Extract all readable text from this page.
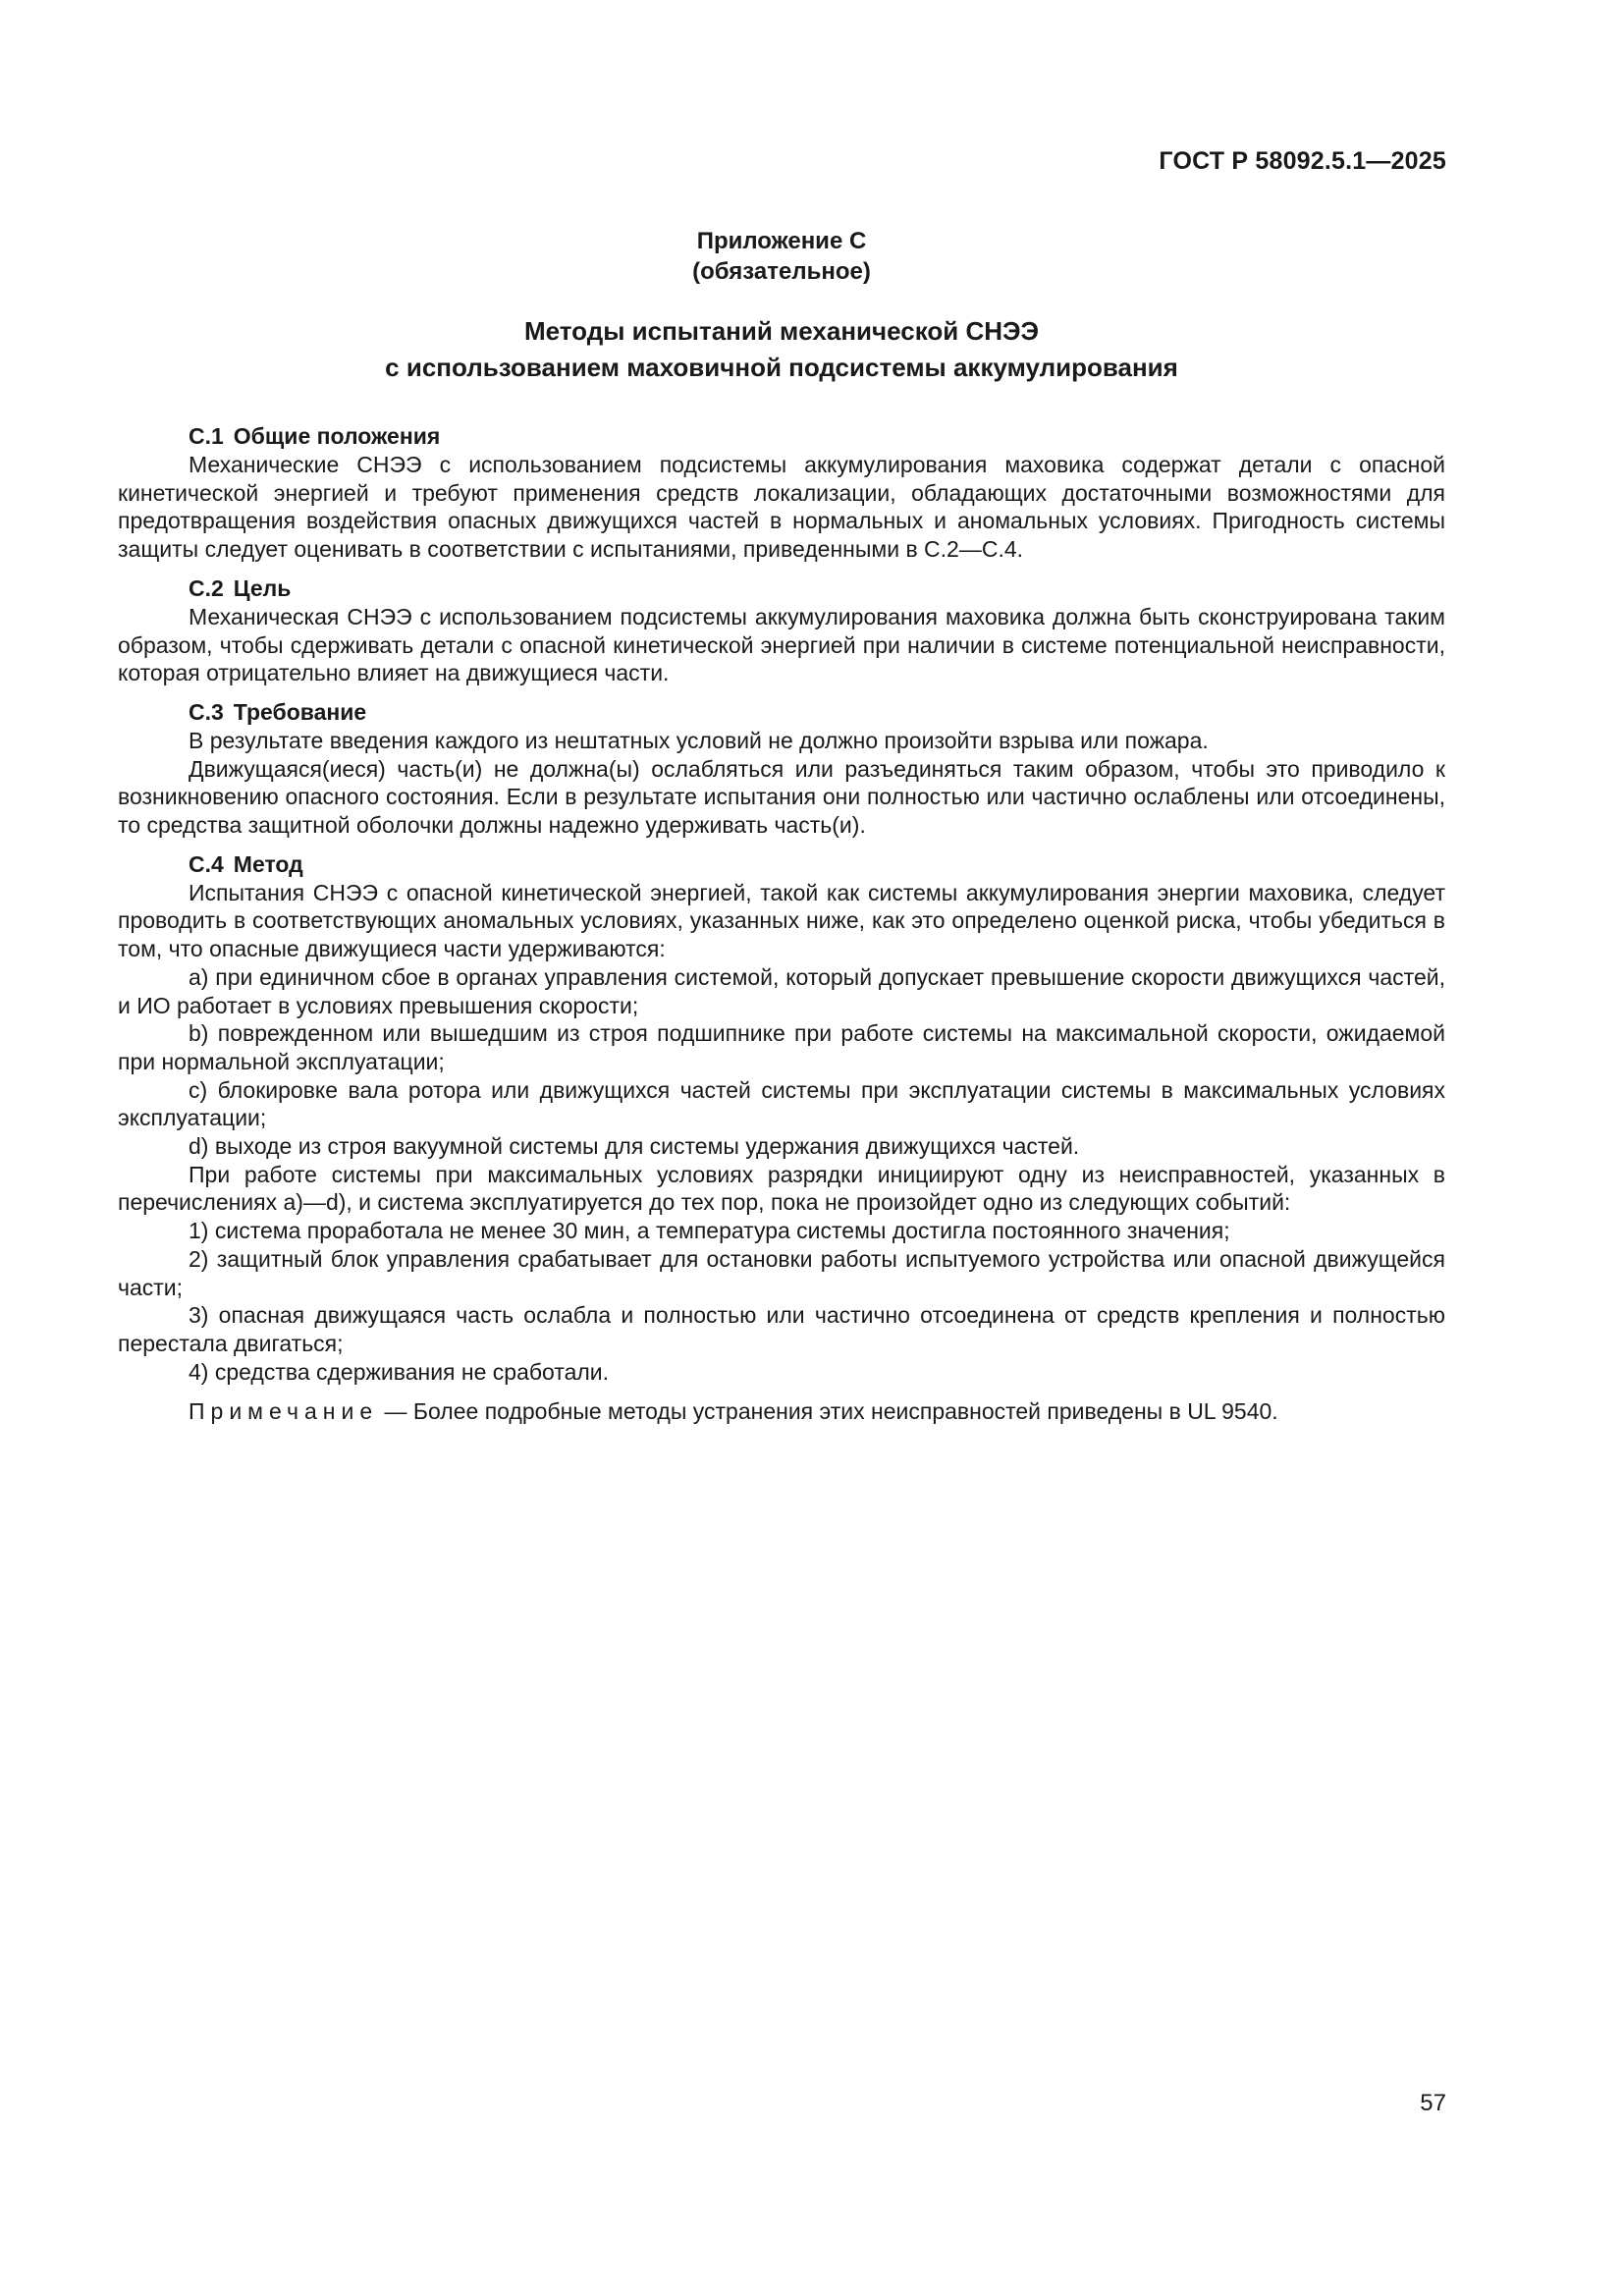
ГОСТ Р 58092.5.1—2025
Приложение С
(обязательное)
Методы испытаний механической СНЭЭ
с использованием маховичной подсистемы аккумулирования
С.1 Общие положения

Механические СНЭЭ с использованием подсистемы аккумулирования маховика содержат детали с опасной кинетической энергией и требуют применения средств локализации, обладающих достаточными возможностями для предотвращения воздействия опасных движущихся частей в нормальных и аномальных условиях. Пригодность системы защиты следует оценивать в соответствии с испытаниями, приведенными в С.2—С.4.

С.2 Цель

Механическая СНЭЭ с использованием подсистемы аккумулирования маховика должна быть сконструирована таким образом, чтобы сдерживать детали с опасной кинетической энергией при наличии в системе потенциальной неисправности, которая отрицательно влияет на движущиеся части.

С.3 Требование

В результате введения каждого из нештатных условий не должно произойти взрыва или пожара.

Движущаяся(иеся) часть(и) не должна(ы) ослабляться или разъединяться таким образом, чтобы это приводило к возникновению опасного состояния. Если в результате испытания они полностью или частично ослаблены или отсоединены, то средства защитной оболочки должны надежно удерживать часть(и).

С.4 Метод

Испытания СНЭЭ с опасной кинетической энергией, такой как системы аккумулирования энергии маховика, следует проводить в соответствующих аномальных условиях, указанных ниже, как это определено оценкой риска, чтобы убедиться в том, что опасные движущиеся части удерживаются:

a) при единичном сбое в органах управления системой, который допускает превышение скорости движущихся частей, и ИО работает в условиях превышения скорости;

b) поврежденном или вышедшим из строя подшипнике при работе системы на максимальной скорости, ожидаемой при нормальной эксплуатации;

c) блокировке вала ротора или движущихся частей системы при эксплуатации системы в максимальных условиях эксплуатации;

d) выходе из строя вакуумной системы для системы удержания движущихся частей.

При работе системы при максимальных условиях разрядки инициируют одну из неисправностей, указанных в перечислениях a)—d), и система эксплуатируется до тех пор, пока не произойдет одно из следующих событий:

1) система проработала не менее 30 мин, а температура системы достигла постоянного значения;

2) защитный блок управления срабатывает для остановки работы испытуемого устройства или опасной движущейся части;

3) опасная движущаяся часть ослабла и полностью или частично отсоединена от средств крепления и полностью перестала двигаться;

4) средства сдерживания не сработали.

Примечание — Более подробные методы устранения этих неисправностей приведены в UL 9540.
57
